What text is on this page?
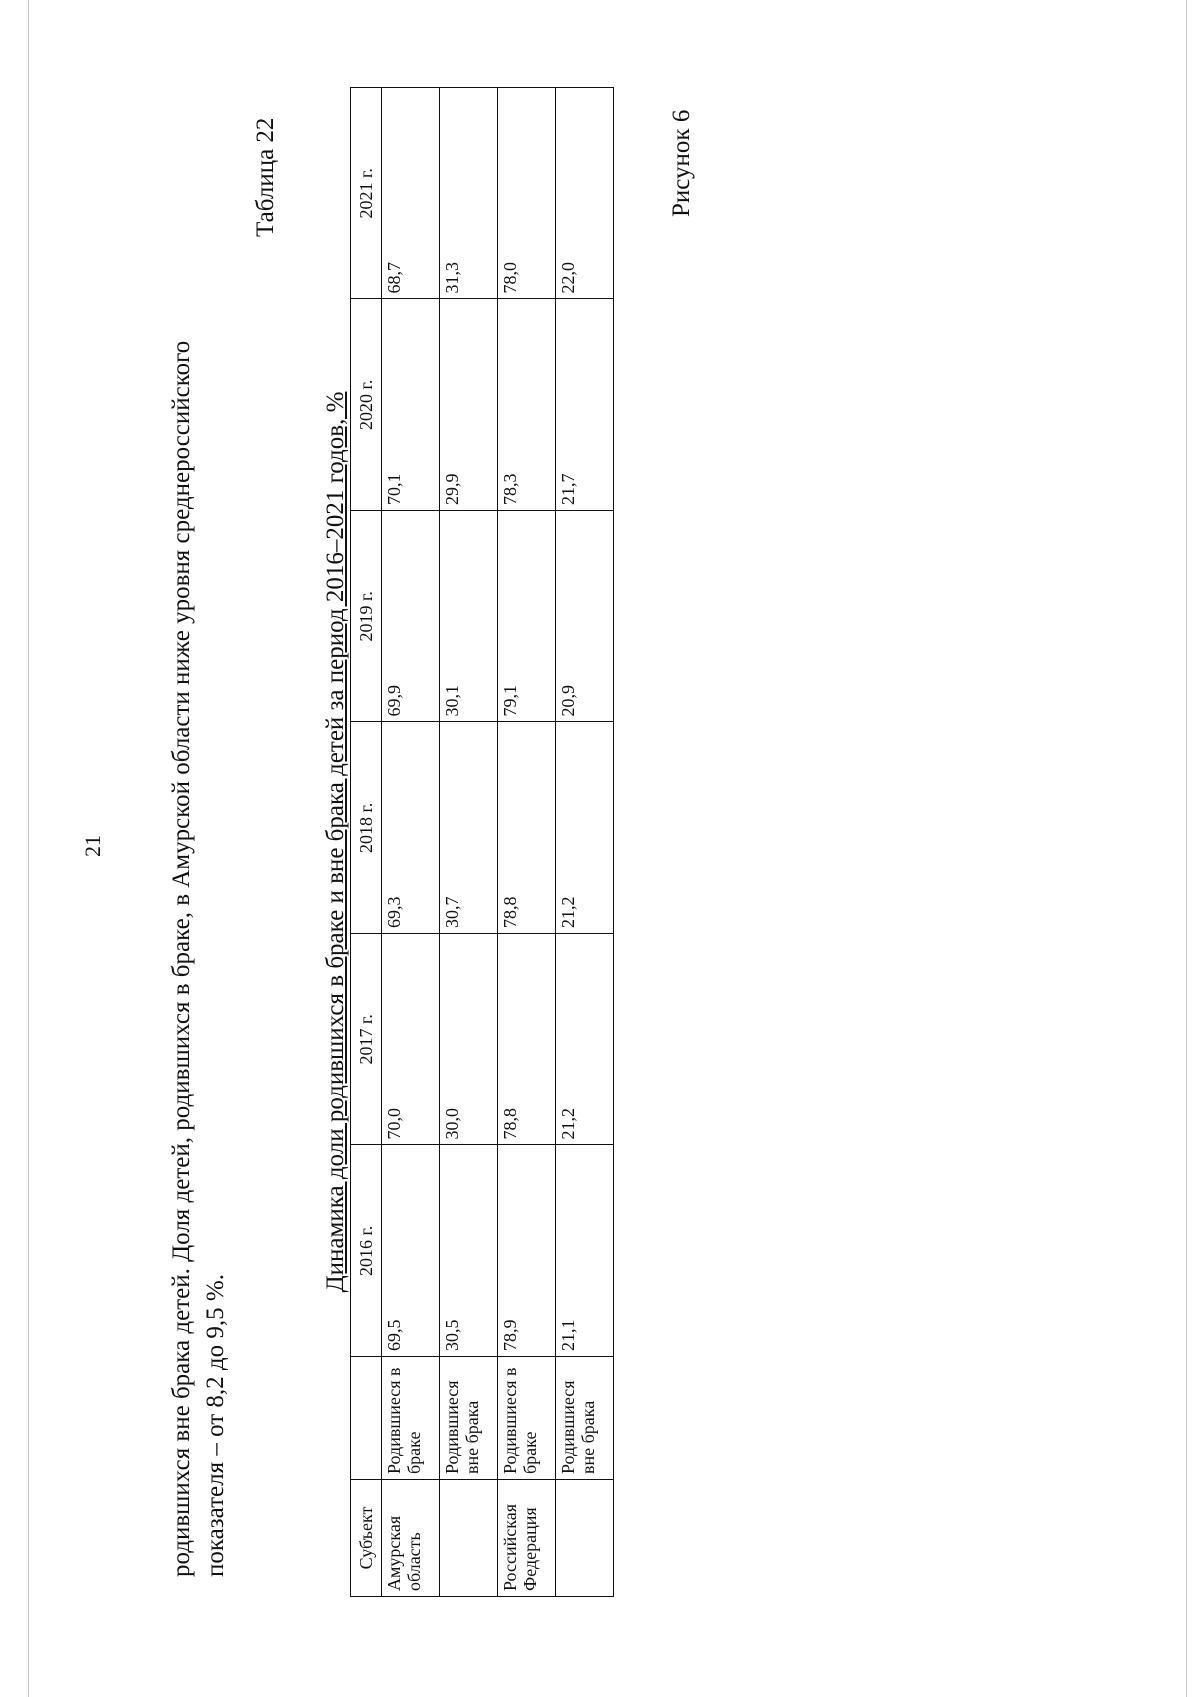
21	родившихся вне брака детей. Доля детей, родившихся в браке, в Амурской области ниже уровня среднероссийского показателя – от 8,2 до 9,5 %.

Таблица 22
Динамика доли родившихся в браке и вне брака детей за период 2016–2021 годов, %
Субъект		2016 г.	2017 г.	2018 г.	2019 г.	2020 г.	2021 г.
Амурская область	Родившиеся в браке	69,5	70,0	69,3	69,9	70,1	68,7
	Родившиеся вне брака	30,5	30,0	30,7	30,1	29,9	31,3
Российская Федерация	Родившиеся в браке	78,9	78,8	78,8	79,1	78,3	78,0
	Родившиеся вне брака	21,1	21,2	21,2	20,9	21,7	22,0
Рисунок 6
